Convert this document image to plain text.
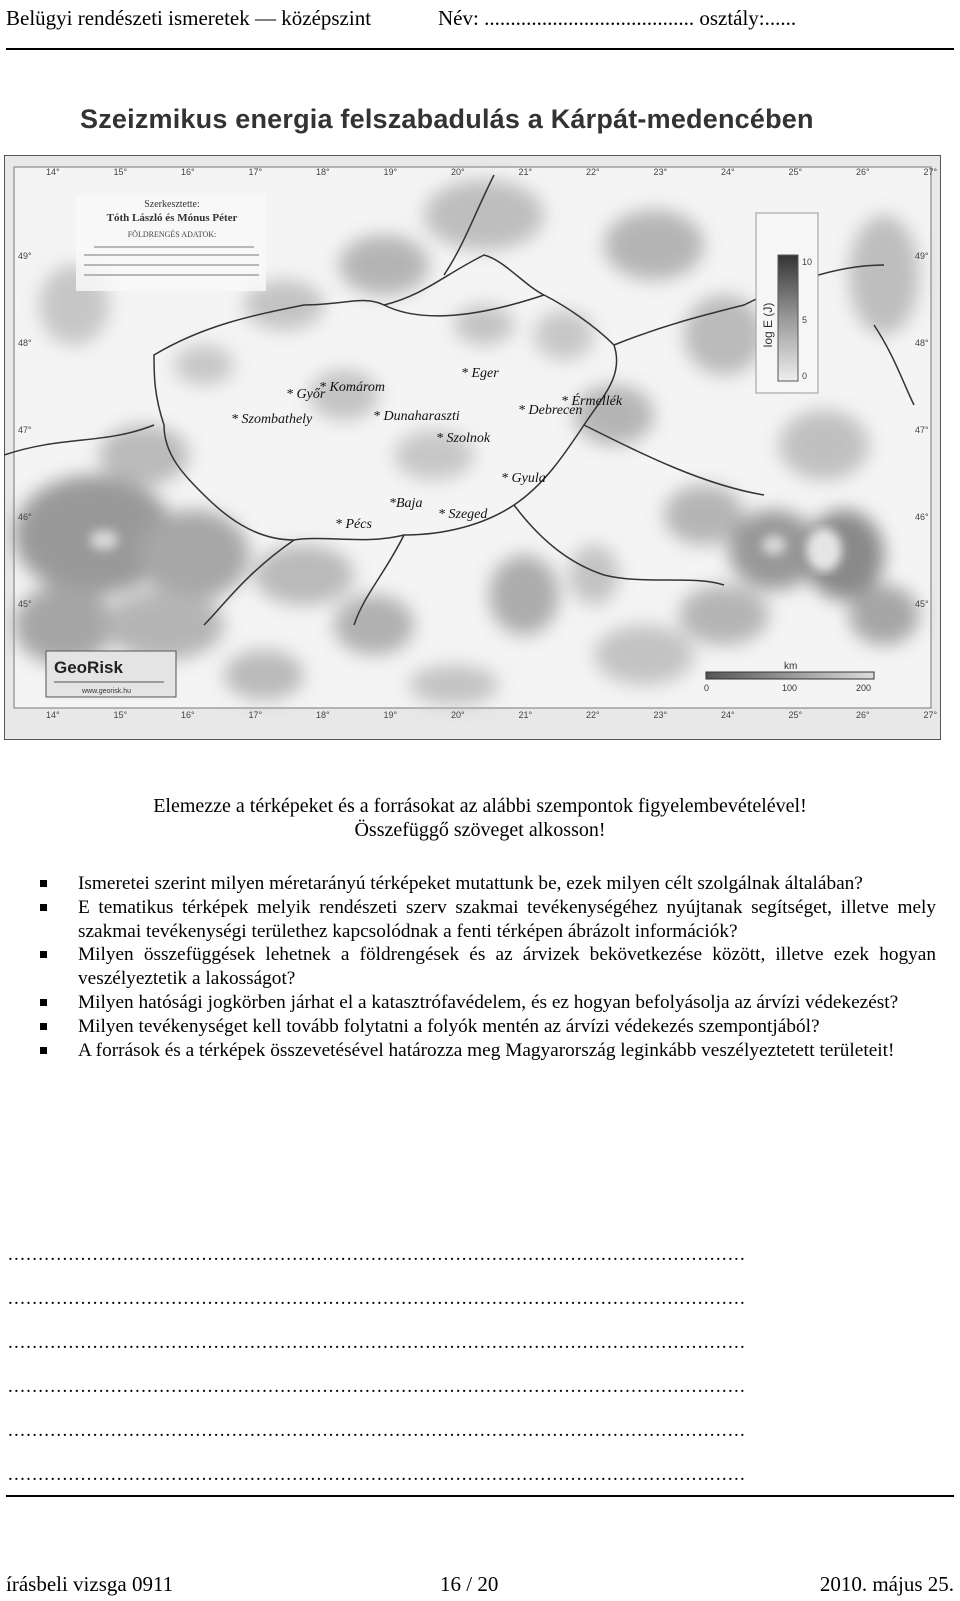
Belügyi rendészeti ismeretek — középszint	Név: ........................................ osztály:......
Szeizmikus energia felszabadulás a Kárpát-medencében
Szerkesztette:
Tóth László és Mónus Péter
FÖLDRENGÉS ADATOK:
log E (J)
10
5
0
km
0	100	200
GeoRisk
www.georisk.hu
14°
14°
15°
15°
16°
16°
17°
17°
18°
18°
19°
19°
20°
20°
21°
21°
22°
22°
23°
23°
24°
24°
25°
25°
26°
26°
27°
27°
49°	49°
48°	48°
47°	47°
46°	46°
45°	45°
* Győr
* Komárom
* Eger
* Érmellék
* Debrecen
* Szombathely	* Dunaharaszti
* Szolnok
* Gyula
*Baja
* Szeged
* Pécs
Elemezze a térképeket és a forrásokat az alábbi szempontok figyelembevételével!
Összefüggő szöveget alkosson!
Ismeretei szerint milyen méretarányú térképeket mutattunk be, ezek milyen célt szolgálnak általában?
E tematikus térképek melyik rendészeti szerv szakmai tevékenységéhez nyújtanak segítséget, illetve mely szakmai tevékenységi területhez kapcsolódnak a fenti térképen ábrázolt információk?
Milyen összefüggések lehetnek a földrengések és az árvizek bekövetkezése között, illetve ezek hogyan veszélyeztetik a lakosságot?
Milyen hatósági jogkörben járhat el a katasztrófavédelem, és ez hogyan befolyásolja az árvízi védekezést?
Milyen tevékenységet kell tovább folytatni a folyók mentén az árvízi védekezés szempontjából?
A források és a térképek összevetésével határozza meg Magyarország leginkább veszélyeztetett területeit!
..........................................................................................................................
..........................................................................................................................
..........................................................................................................................
..........................................................................................................................
..........................................................................................................................
..........................................................................................................................
írásbeli vizsga 0911	16 / 20	2010. május 25.
